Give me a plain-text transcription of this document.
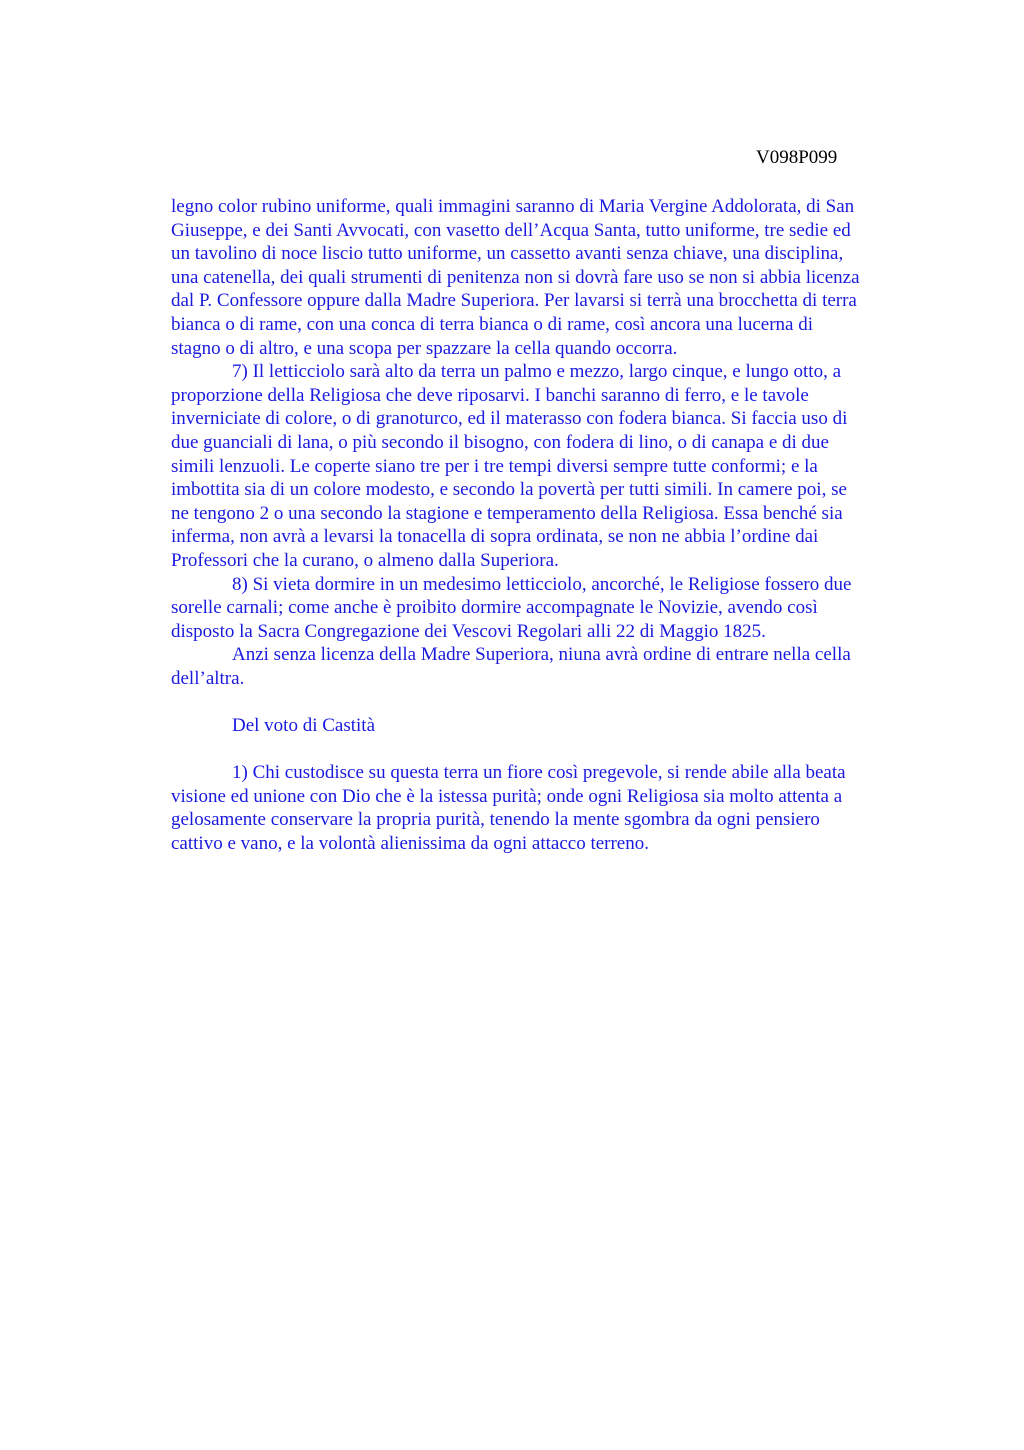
V098P099

legno color rubino uniforme, quali immagini saranno di Maria Vergine Addolorata, di San
Giuseppe, e dei Santi Avvocati, con vasetto dell’Acqua Santa, tutto uniforme, tre sedie ed
un tavolino di noce liscio tutto uniforme, un cassetto avanti senza chiave, una disciplina,
una catenella, dei quali strumenti di penitenza non si dovrà fare uso se non si abbia licenza
dal P. Confessore oppure dalla Madre Superiora. Per lavarsi si terrà una brocchetta di terra
bianca o di rame, con una conca di terra bianca o di rame, così ancora una lucerna di
stagno o di altro, e una scopa per spazzare la cella quando occorra.

7) Il letticciolo sarà alto da terra un palmo e mezzo, largo cinque, e lungo otto, a
proporzione della Religiosa che deve riposarvi. I banchi saranno di ferro, e le tavole
inverniciate di colore, o di granoturco, ed il materasso con fodera bianca. Si faccia uso di
due guanciali di lana, o più secondo il bisogno, con fodera di lino, o di canapa e di due
simili lenzuoli. Le coperte siano tre per i tre tempi diversi sempre tutte conformi; e la
imbottita sia di un colore modesto, e secondo la povertà per tutti simili. In camere poi, se
ne tengono 2 o una secondo la stagione e temperamento della Religiosa. Essa benché sia
inferma, non avrà a levarsi la tonacella di sopra ordinata, se non ne abbia l’ordine dai
Professori che la curano, o almeno dalla Superiora.

8) Si vieta dormire in un medesimo letticciolo, ancorché, le Religiose fossero due
sorelle carnali; come anche è proibito dormire accompagnate le Novizie, avendo così
disposto la Sacra Congregazione dei Vescovi Regolari alli 22 di Maggio 1825.

Anzi senza licenza della Madre Superiora, niuna avrà ordine di entrare nella cella
dell’altra.

Del voto di Castità

1) Chi custodisce su questa terra un fiore così pregevole, si rende abile alla beata
visione ed unione con Dio che è la istessa purità; onde ogni Religiosa sia molto attenta a
gelosamente conservare la propria purità, tenendo la mente sgombra da ogni pensiero
cattivo e vano, e la volontà alienissima da ogni attacco terreno.
